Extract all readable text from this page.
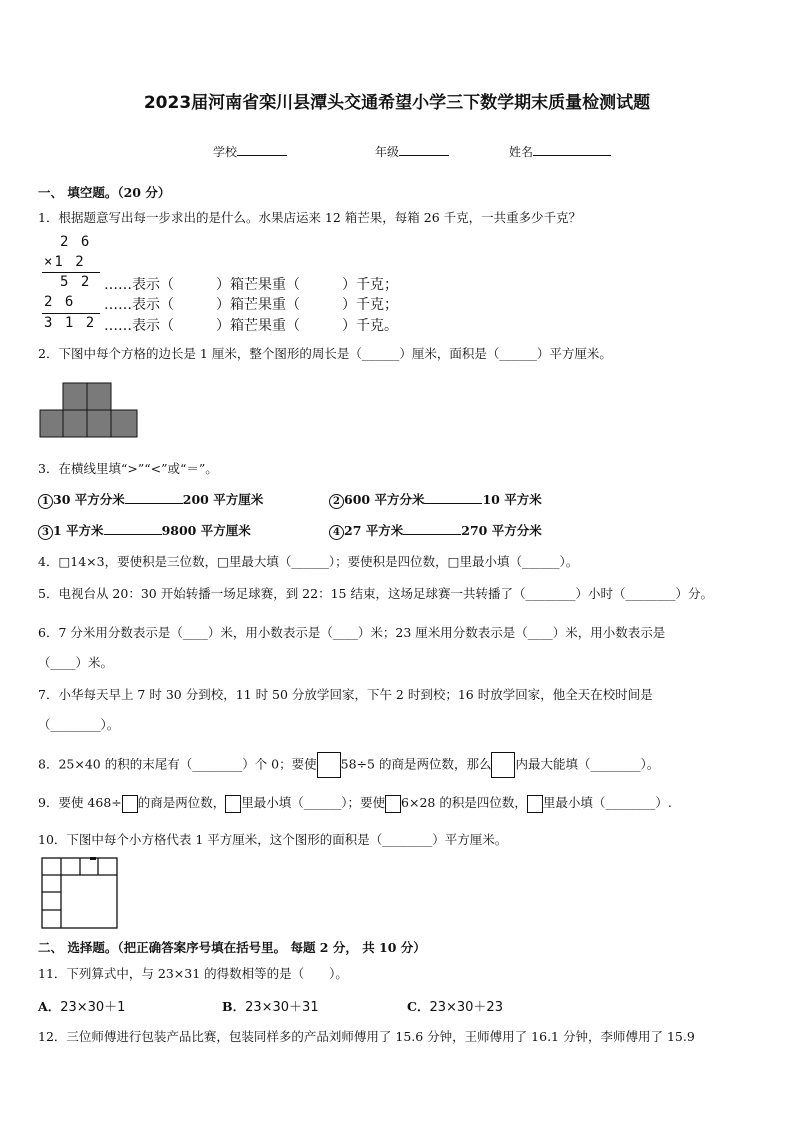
2023届河南省栾川县潭头交通希望小学三下数学期末质量检测试题
学校	年级	姓名
一、 填空题。（20 分）
1．根据题意写出每一步求出的是什么。水果店运来 12 箱芒果，每箱 26 千克，一共重多少千克？
2 6
×1 2
5 2
2 6
3 1 2
……表示（　　　）箱芒果重（　　　）千克；
……表示（　　　）箱芒果重（　　　）千克；
……表示（　　　）箱芒果重（　　　）千克。
2．下图中每个方格的边长是 1 厘米，整个图形的周长是（______）厘米，面积是（______）平方厘米。
3．在横线里填“>”“<”或“＝”。
1 30 平方分米	200 平方厘米	2 600 平方分米	10 平方米
3 1 平方米	9800 平方厘米	4 27 平方米	270 平方分米
4．□14×3，要使积是三位数，□里最大填（______）；要使积是四位数，□里最小填（______）。
5．电视台从 20：30 开始转播一场足球赛，到 22：15 结束，这场足球赛一共转播了（________）小时（________）分。
6．7 分米用分数表示是（____）米，用小数表示是（____）米；23 厘米用分数表示是（____）米，用小数表示是
（____）米。
7．小华每天早上 7 时 30 分到校，11 时 50 分放学回家，下午 2 时到校；16 时放学回家，他全天在校时间是
（________）。
8．25×40 的积的末尾有（________）个 0；要使 58÷5 的商是两位数，那么 内最大能填（________）。
9．要使 468÷ 的商是两位数， 里最小填（______）；要使 6×28 的积是四位数， 里最小填（________）.
10．下图中每个小方格代表 1 平方厘米，这个图形的面积是（________）平方厘米。
二、 选择题。（把正确答案序号填在括号里。 每题 2 分， 共 10 分）
11．下列算式中，与 23×31 的得数相等的是（　　）。
A．23×30＋1	B．23×30＋31	C．23×30＋23
12．三位师傅进行包装产品比赛，包装同样多的产品刘师傅用了 15.6 分钟，王师傅用了 16.1 分钟，李师傅用了 15.9
